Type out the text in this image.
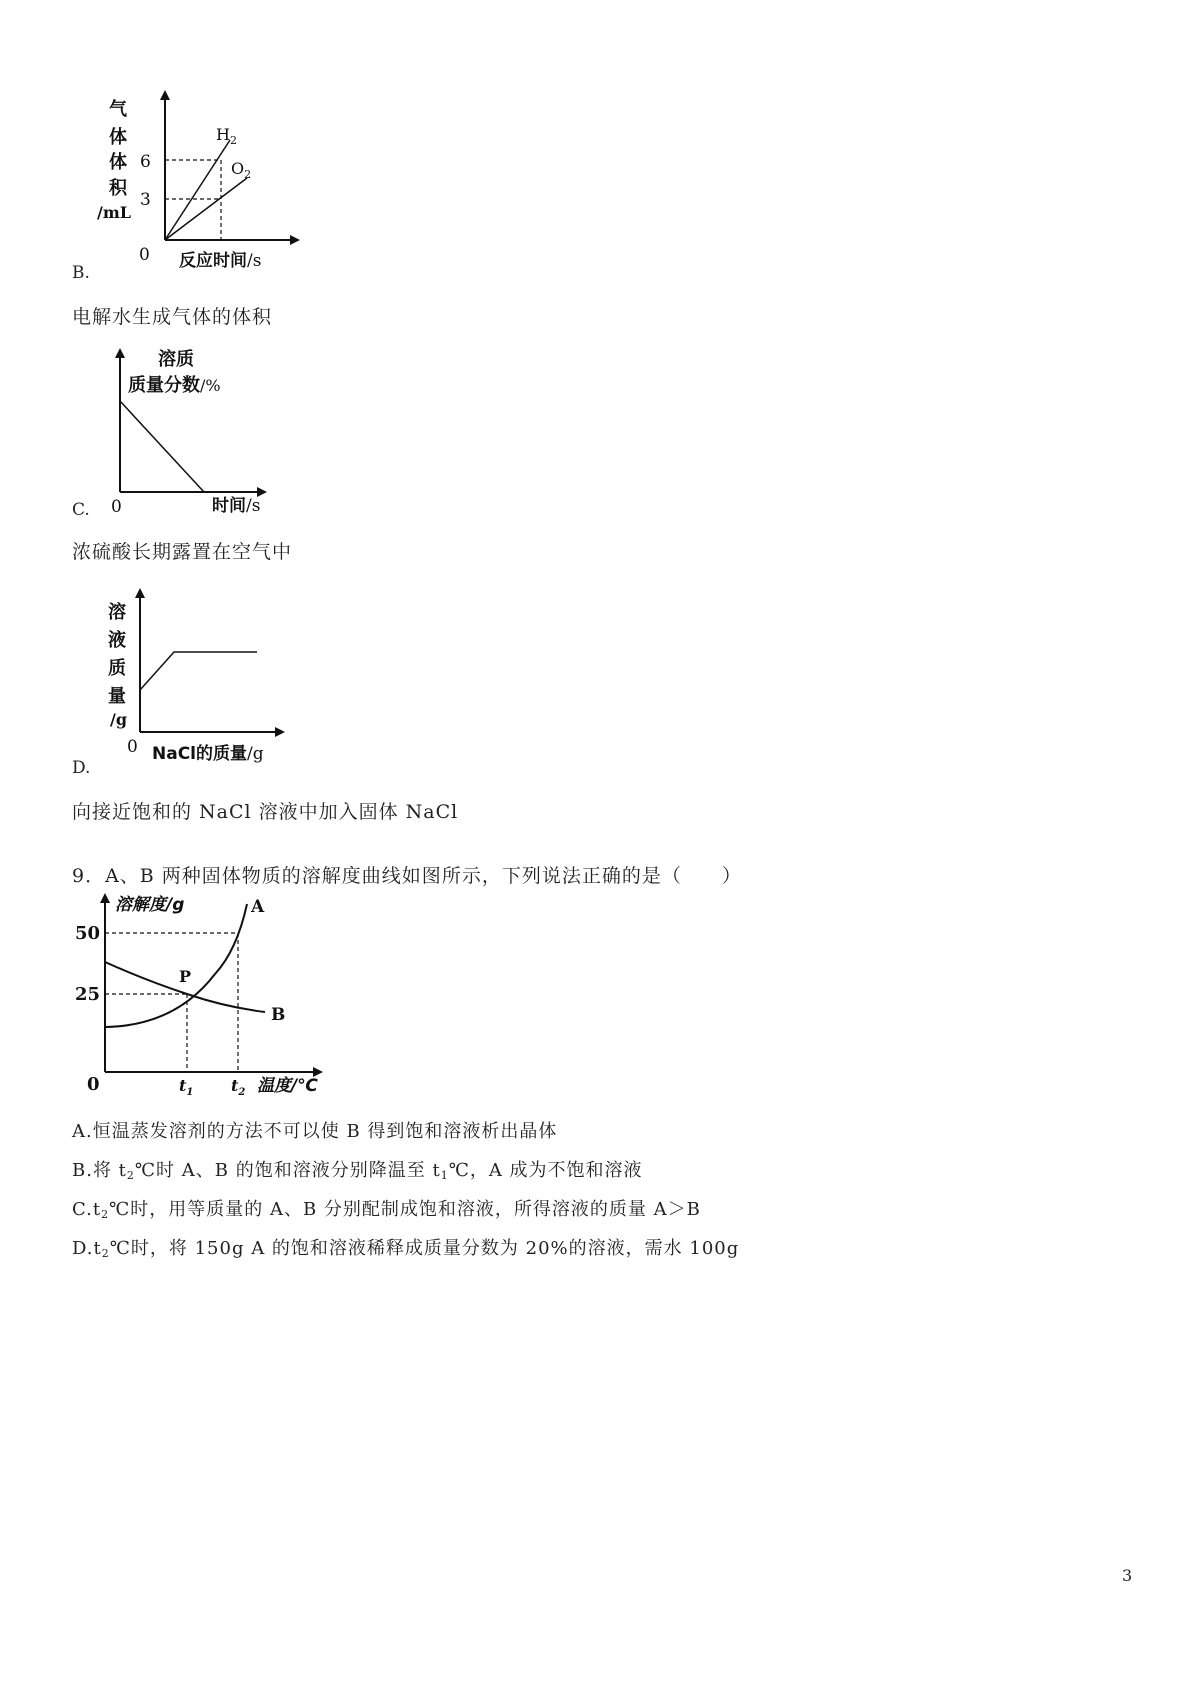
气
体
体
积
/mL
6
3
0
$H_2$
$O_2$
反应时间/s
B.
电解水生成气体的体积
溶质
质量分数/%
0	时间/s
C.
浓硫酸长期露置在空气中
溶
液
质
量
/g
0 NaCl的质量/g
D.
向接近饱和的 NaCl 溶液中加入固体 NaCl
9．A、B 两种固体物质的溶解度曲线如图所示，下列说法正确的是（　　）
溶解度/g
50
25
0
P
A
B
$t_1$ $t_2$ 温度/℃
A.恒温蒸发溶剂的方法不可以使 B 得到饱和溶液析出晶体
B.将 $t_2℃$时 A、B 的饱和溶液分别降温至 $t_1℃$，A 成为不饱和溶液
$C.t_2℃$时，用等质量的 A、B 分别配制成饱和溶液，所得溶液的质量 A＞B
$D.t_2℃$时，将 150g A 的饱和溶液稀释成质量分数为 20%的溶液，需水 100g
3
